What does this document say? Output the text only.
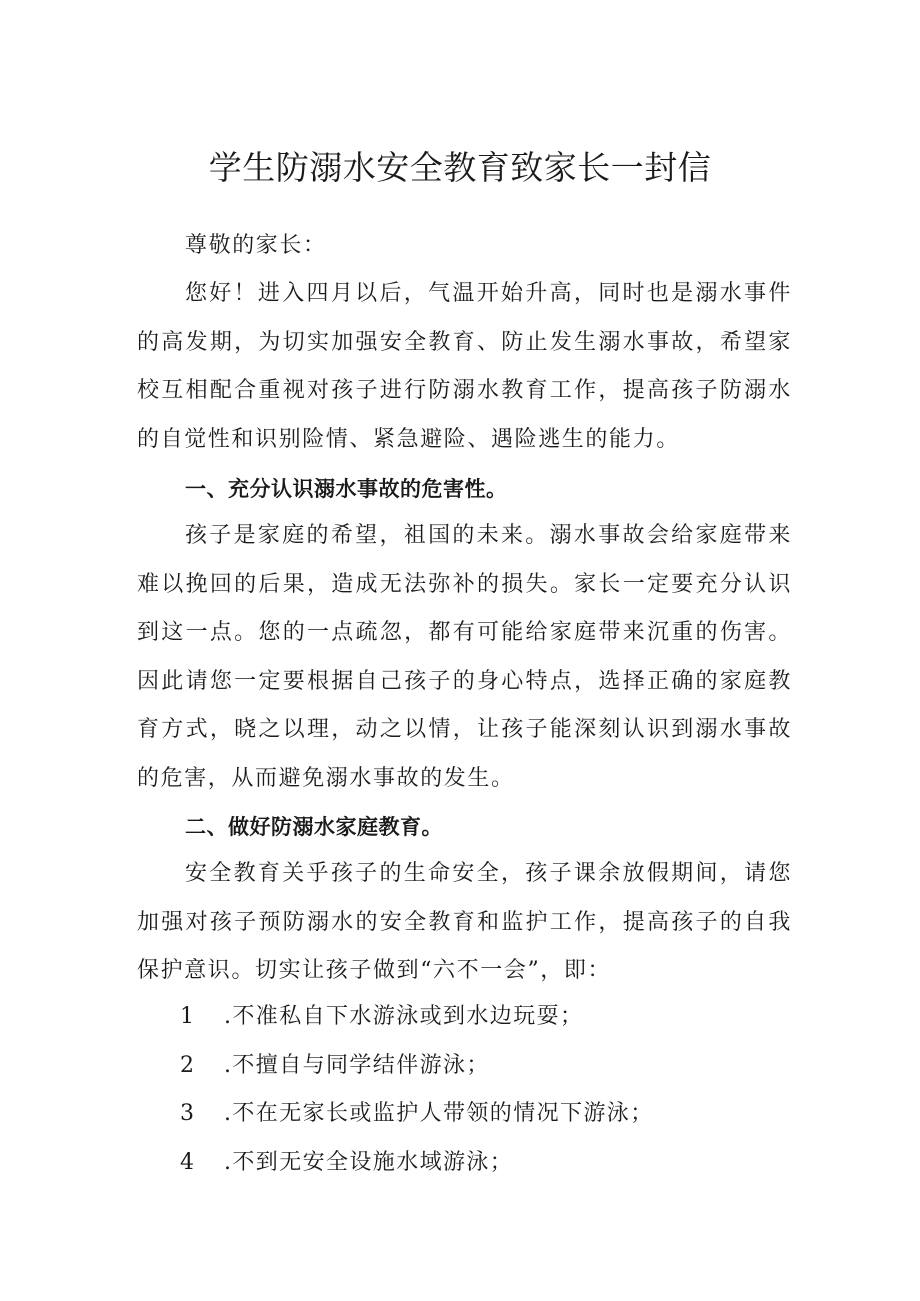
学生防溺水安全教育致家长一封信
尊敬的家长：
您好！进入四月以后，气温开始升高，同时也是溺水事件的高发期，为切实加强安全教育、防止发生溺水事故，希望家校互相配合重视对孩子进行防溺水教育工作，提高孩子防溺水的自觉性和识别险情、紧急避险、遇险逃生的能力。
一、充分认识溺水事故的危害性。
孩子是家庭的希望，祖国的未来。溺水事故会给家庭带来难以挽回的后果，造成无法弥补的损失。家长一定要充分认识到这一点。您的一点疏忽，都有可能给家庭带来沉重的伤害。因此请您一定要根据自己孩子的身心特点，选择正确的家庭教育方式，晓之以理，动之以情，让孩子能深刻认识到溺水事故的危害，从而避免溺水事故的发生。
二、做好防溺水家庭教育。
安全教育关乎孩子的生命安全，孩子课余放假期间，请您加强对孩子预防溺水的安全教育和监护工作，提高孩子的自我保护意识。切实让孩子做到“六不一会”，即：
1 .不准私自下水游泳或到水边玩耍；
2 .不擅自与同学结伴游泳；
3 .不在无家长或监护人带领的情况下游泳；
4 .不到无安全设施水域游泳；
